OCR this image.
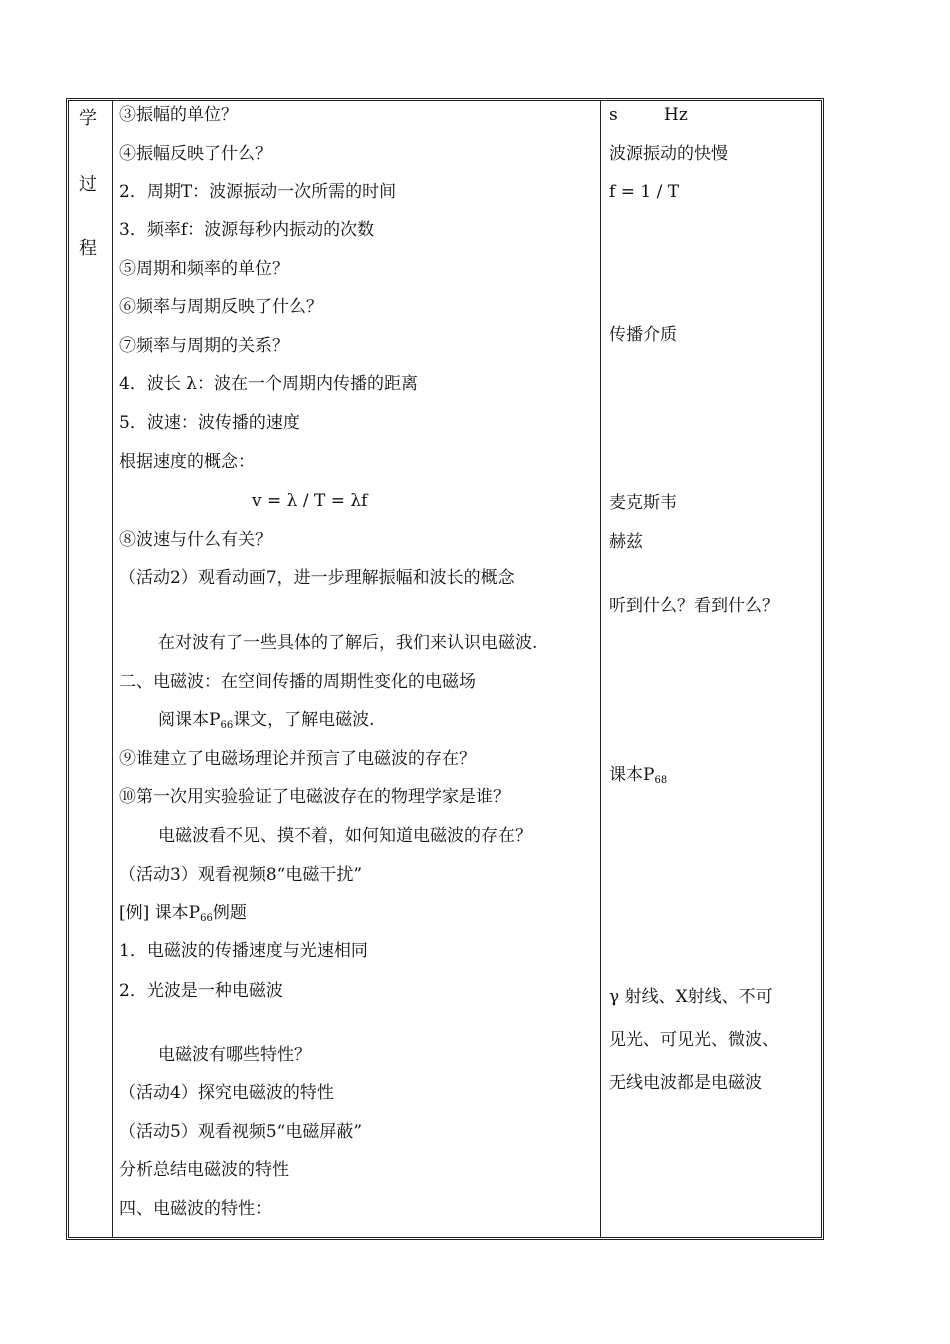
学
过
程
③振幅的单位？
④振幅反映了什么？
2．周期T：波源振动一次所需的时间
3．频率f：波源每秒内振动的次数
⑤周期和频率的单位？
⑥频率与周期反映了什么？
⑦频率与周期的关系？
4．波长 λ：波在一个周期内传播的距离
5．波速：波传播的速度
根据速度的概念：
v = λ / T = λf
⑧波速与什么有关？
（活动2）观看动画7，进一步理解振幅和波长的概念
在对波有了一些具体的了解后，我们来认识电磁波.
二、电磁波：在空间传播的周期性变化的电磁场
阅课本$P_{66}$课文，了解电磁波.
⑨谁建立了电磁场理论并预言了电磁波的存在？
⑩第一次用实验验证了电磁波存在的物理学家是谁？
电磁波看不见、摸不着，如何知道电磁波的存在？
（活动3）观看视频8“电磁干扰”
[例] 课本$P_{66}$例题
1．电磁波的传播速度与光速相同
2．光波是一种电磁波
电磁波有哪些特性？
（活动4）探究电磁波的特性
（活动5）观看视频5“电磁屏蔽”
分析总结电磁波的特性
四、电磁波的特性：
s	Hz
波源振动的快慢
f = 1 / T
传播介质
麦克斯韦
赫兹
听到什么？看到什么？
课本$P_{68}$
γ 射线、X射线、不可
见光、可见光、微波、
无线电波都是电磁波
